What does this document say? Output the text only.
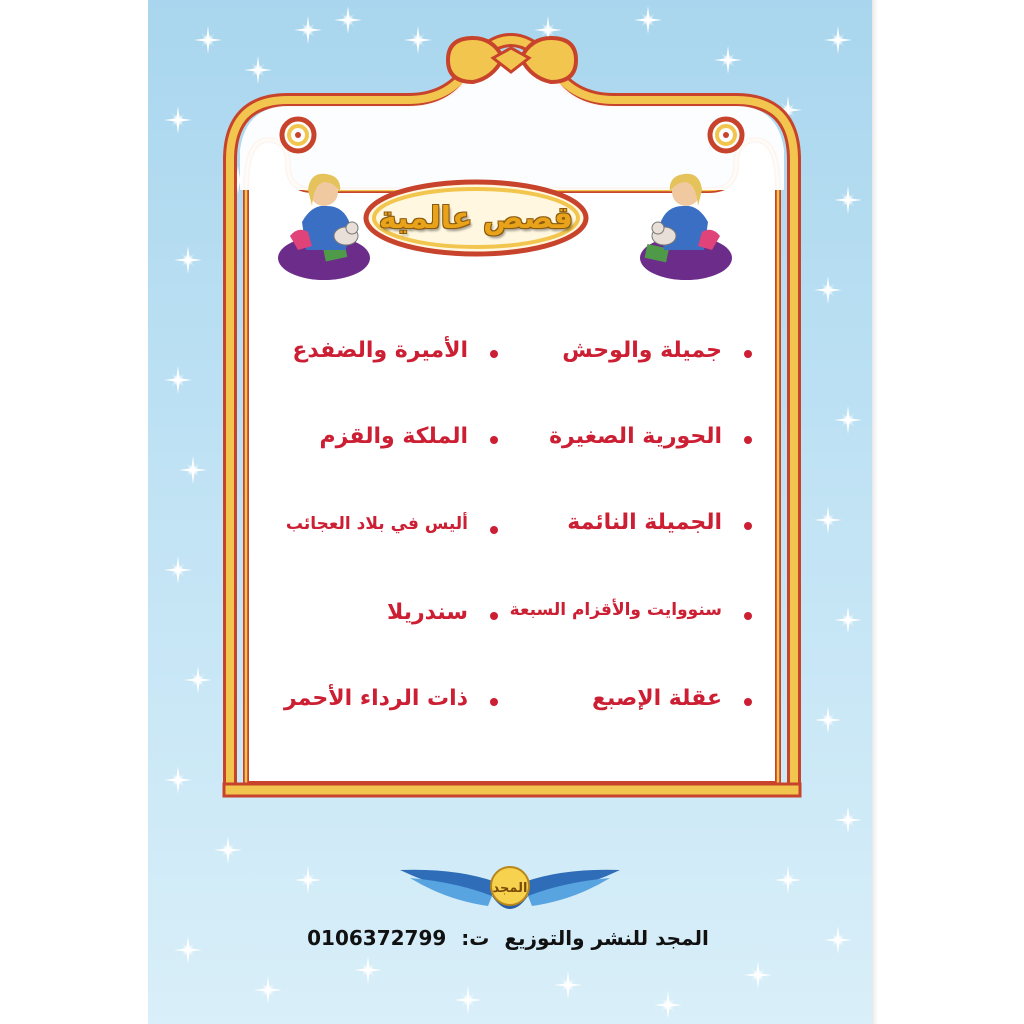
قصص عالمية
جميلة والوحش
الحورية الصغيرة
الجميلة النائمة
سنووايت والأقزام السبعة
عقلة الإصبع
الأميرة والضفدع
الملكة والقزم
أليس في بلاد العجائب
سندريلا
ذات الرداء الأحمر
المجد
المجد للنشر والتوزيع ت: 0106372799
